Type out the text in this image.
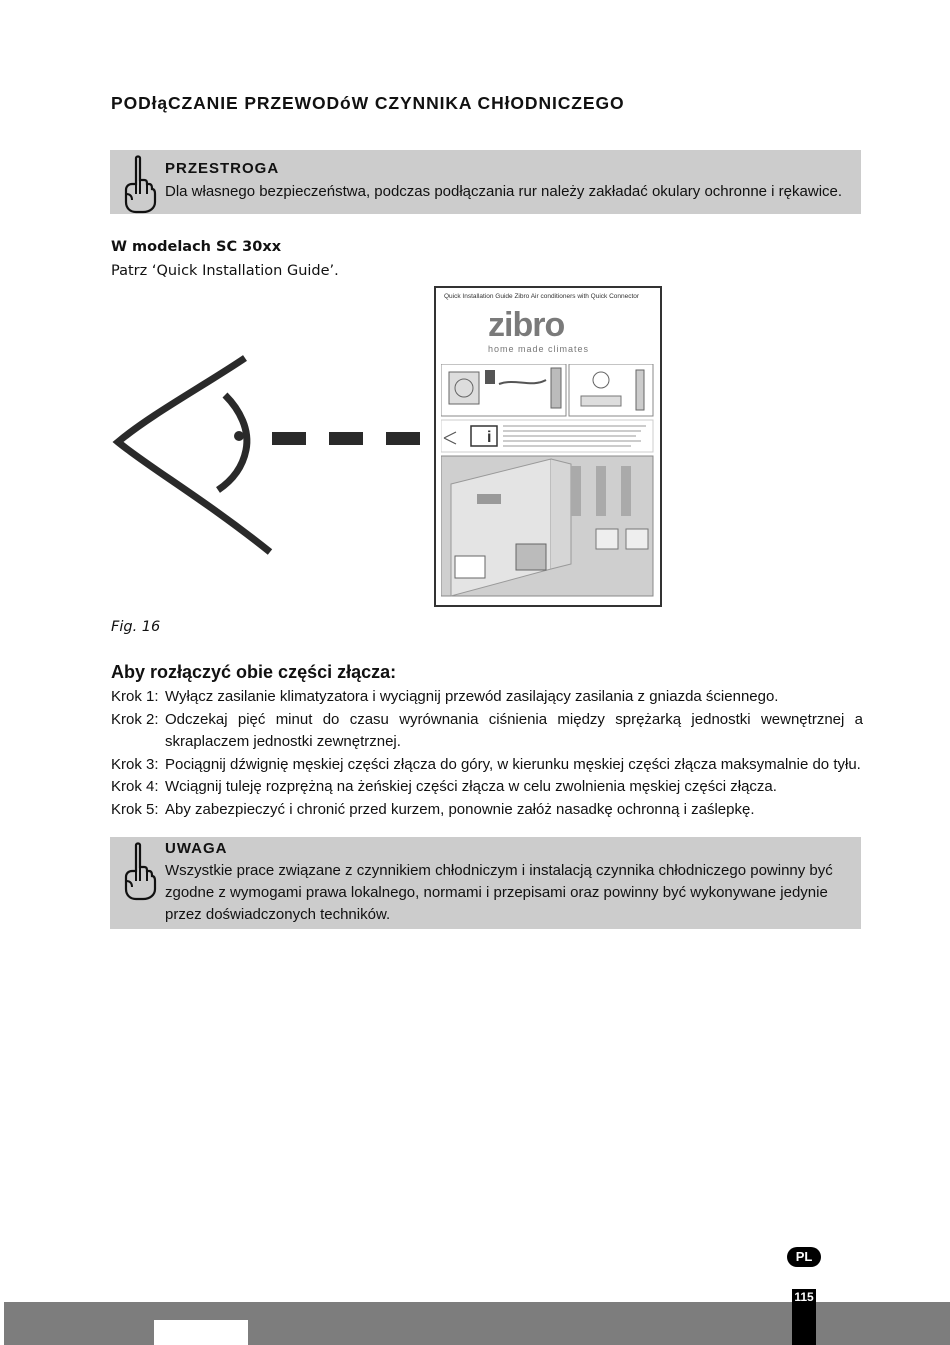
PODłąCZANIE PRZEWODóW CZYNNIKA CHłODNICZEGO
PRZESTROGA
Dla własnego bezpieczeństwa, podczas podłączania rur należy zakładać okulary ochronne i rękawice.
W modelach SC 30xx
Patrz ‘Quick Installation Guide’.
Quick Installation Guide Zibro Air conditioners with Quick Connector
zibro
home made climates
i
Fig. 16
Aby rozłączyć obie części złącza:
Krok 1: Wyłącz zasilanie klimatyzatora i wyciągnij przewód zasilający zasilania z gniazda ściennego.
Krok 2: Odczekaj pięć minut do czasu wyrównania ciśnienia między sprężarką jednostki wewnętrznej a skraplaczem jednostki zewnętrznej.
Krok 3: Pociągnij dźwignię męskiej części złącza do góry, w kierunku męskiej części złącza maksymalnie do tyłu.
Krok 4: Wciągnij tuleję rozprężną na żeńskiej części złącza w celu zwolnienia męskiej części złącza.
Krok 5: Aby zabezpieczyć i chronić przed kurzem, ponownie załóż nasadkę ochronną i zaślepkę.
UWAGA
Wszystkie prace związane z czynnikiem chłodniczym i instalacją czynnika chłodniczego powinny być zgodne z wymogami prawa lokalnego, normami i przepisami oraz powinny być wykonywane jedynie przez doświadczonych techników.
PL
115
